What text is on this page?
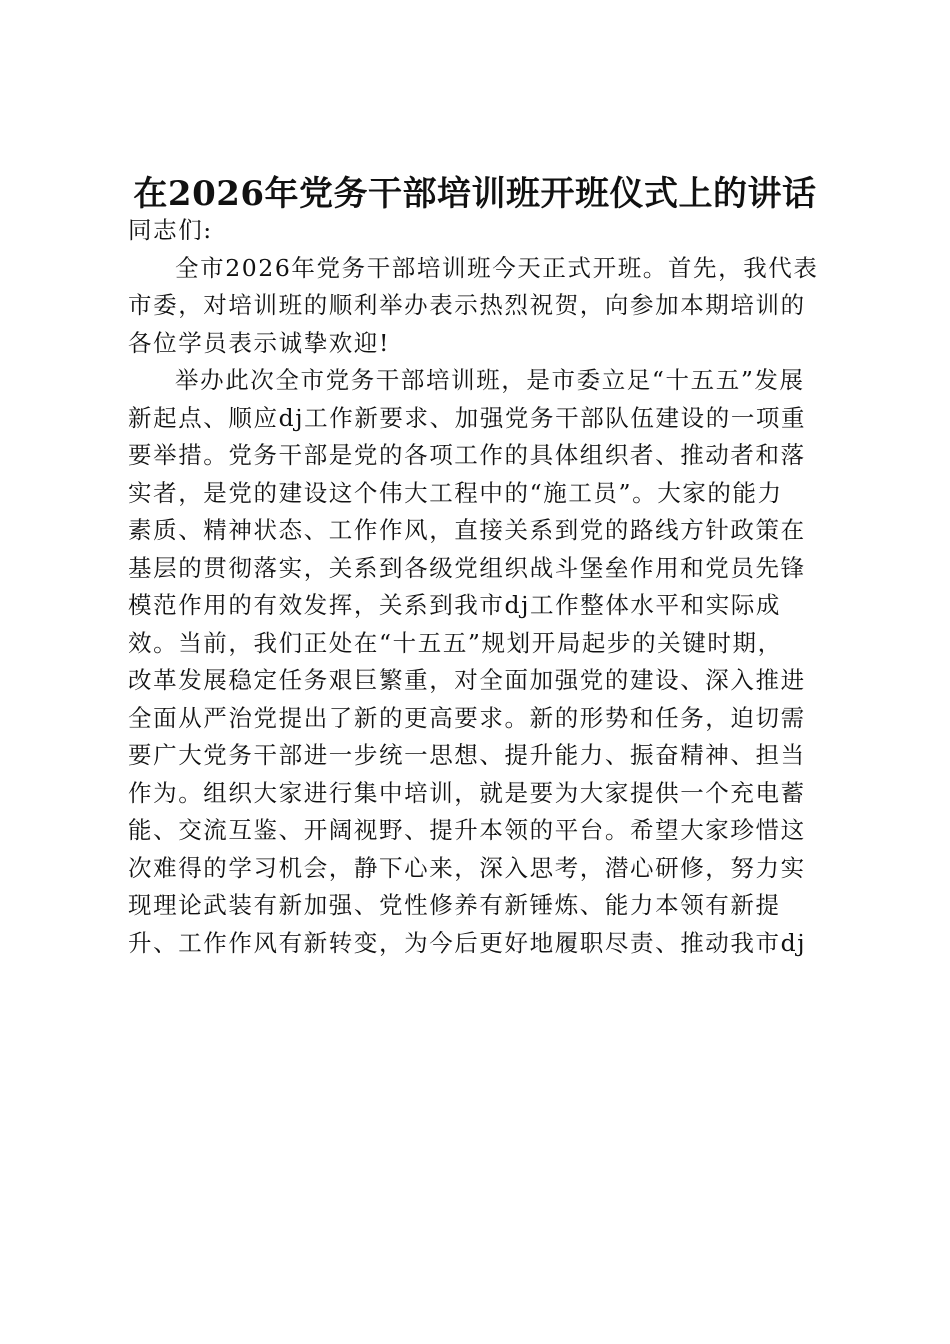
在2026年党务干部培训班开班仪式上的讲话

同志们:

全市2026年党务干部培训班今天正式开班。首先，我代表
市委，对培训班的顺利举办表示热烈祝贺，向参加本期培训的
各位学员表示诚挚欢迎!

举办此次全市党务干部培训班，是市委立足“十五五”发展
新起点、顺应dj工作新要求、加强党务干部队伍建设的一项重
要举措。党务干部是党的各项工作的具体组织者、推动者和落
实者，是党的建设这个伟大工程中的“施工员”。大家的能力
素质、精神状态、工作作风，直接关系到党的路线方针政策在
基层的贯彻落实，关系到各级党组织战斗堡垒作用和党员先锋
模范作用的有效发挥，关系到我市dj工作整体水平和实际成
效。当前，我们正处在“十五五”规划开局起步的关键时期，
改革发展稳定任务艰巨繁重，对全面加强党的建设、深入推进
全面从严治党提出了新的更高要求。新的形势和任务，迫切需
要广大党务干部进一步统一思想、提升能力、振奋精神、担当
作为。组织大家进行集中培训，就是要为大家提供一个充电蓄
能、交流互鉴、开阔视野、提升本领的平台。希望大家珍惜这
次难得的学习机会，静下心来，深入思考，潜心研修，努力实
现理论武装有新加强、党性修养有新锤炼、能力本领有新提
升、工作作风有新转变，为今后更好地履职尽责、推动我市dj
